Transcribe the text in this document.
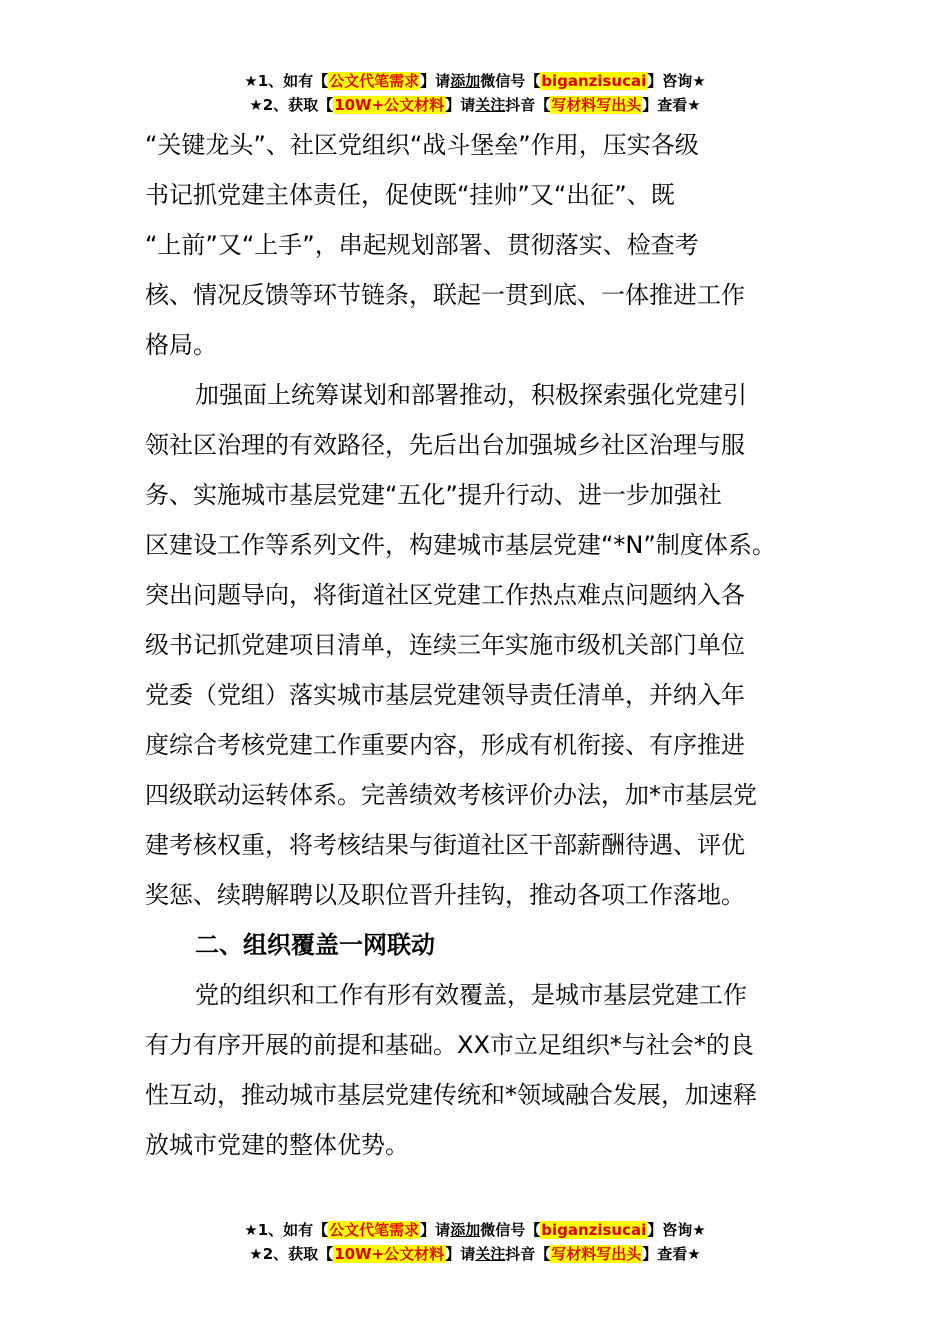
★1、如有【公文代笔需求】请添加微信号【biganzisucai】咨询★
★2、获取【10W+公文材料】请关注抖音【写材料写出头】查看★

“关键龙头”、社区党组织“战斗堡垒”作用，压实各级
书记抓党建主体责任，促使既“挂帅”又“出征”、既
“上前”又“上手”，串起规划部署、贯彻落实、检查考
核、情况反馈等环节链条，联起一贯到底、一体推进工作
格局。

加强面上统筹谋划和部署推动，积极探索强化党建引
领社区治理的有效路径，先后出台加强城乡社区治理与服
务、实施城市基层党建“五化”提升行动、进一步加强社
区建设工作等系列文件，构建城市基层党建“*N”制度体系。
突出问题导向，将街道社区党建工作热点难点问题纳入各
级书记抓党建项目清单，连续三年实施市级机关部门单位
党委（党组）落实城市基层党建领导责任清单，并纳入年
度综合考核党建工作重要内容，形成有机衔接、有序推进
四级联动运转体系。完善绩效考核评价办法，加*市基层党
建考核权重，将考核结果与街道社区干部薪酬待遇、评优
奖惩、续聘解聘以及职位晋升挂钩，推动各项工作落地。

二、组织覆盖一网联动

党的组织和工作有形有效覆盖，是城市基层党建工作
有力有序开展的前提和基础。XX市立足组织*与社会*的良
性互动，推动城市基层党建传统和*领域融合发展，加速释
放城市党建的整体优势。

★1、如有【公文代笔需求】请添加微信号【biganzisucai】咨询★
★2、获取【10W+公文材料】请关注抖音【写材料写出头】查看★
